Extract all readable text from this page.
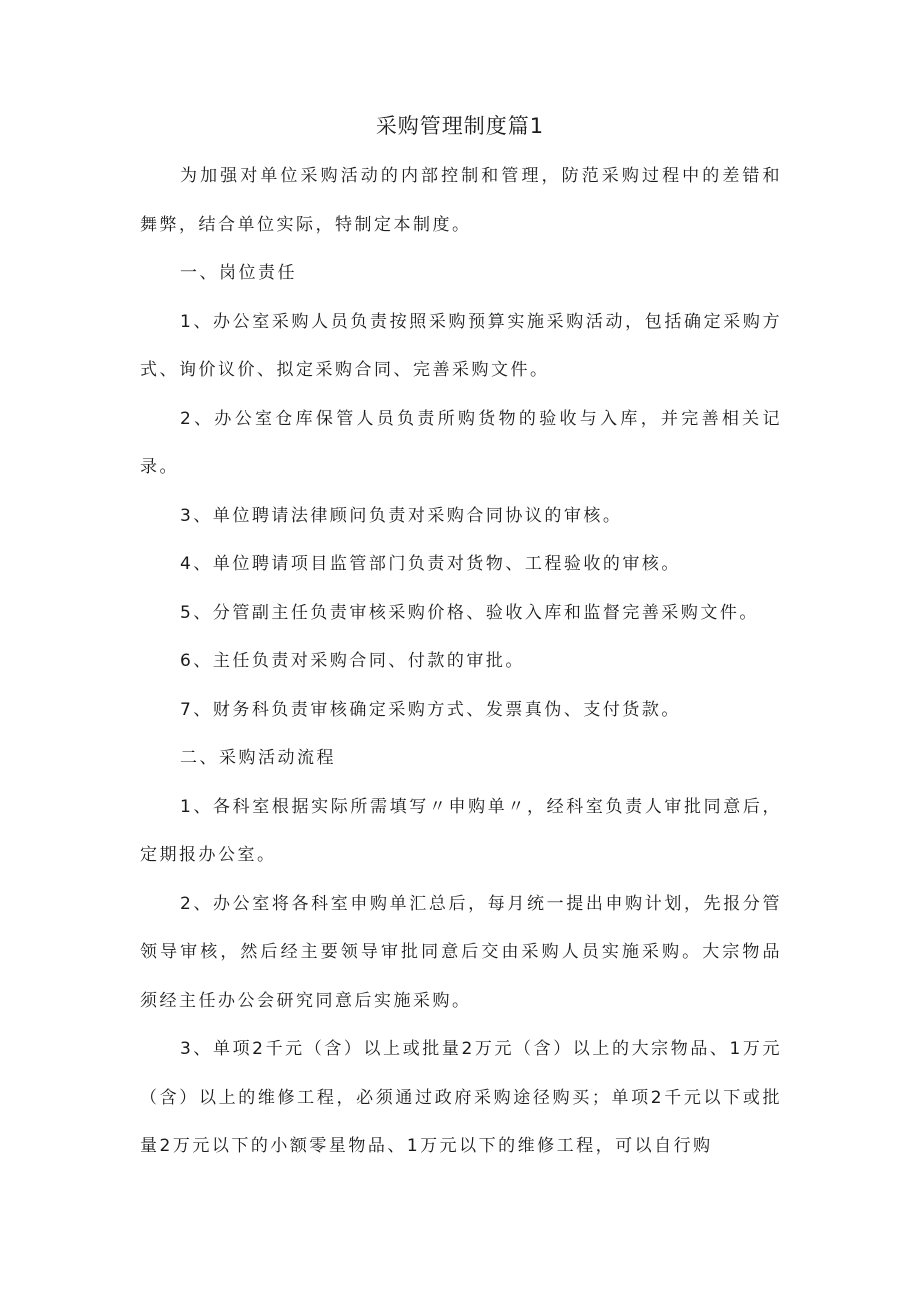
采购管理制度篇1

为加强对单位采购活动的内部控制和管理，防范采购过程中的差错和舞弊，结合单位实际，特制定本制度。

一、岗位责任

1、办公室采购人员负责按照采购预算实施采购活动，包括确定采购方式、询价议价、拟定采购合同、完善采购文件。

2、办公室仓库保管人员负责所购货物的验收与入库，并完善相关记录。

3、单位聘请法律顾问负责对采购合同协议的审核。

4、单位聘请项目监管部门负责对货物、工程验收的审核。

5、分管副主任负责审核采购价格、验收入库和监督完善采购文件。

6、主任负责对采购合同、付款的审批。

7、财务科负责审核确定采购方式、发票真伪、支付货款。

二、采购活动流程

1、各科室根据实际所需填写〃申购单〃，经科室负责人审批同意后，定期报办公室。

2、办公室将各科室申购单汇总后，每月统一提出申购计划，先报分管领导审核，然后经主要领导审批同意后交由采购人员实施采购。大宗物品须经主任办公会研究同意后实施采购。

3、单项2千元（含）以上或批量2万元（含）以上的大宗物品、1万元（含）以上的维修工程，必须通过政府采购途径购买；单项2千元以下或批量2万元以下的小额零星物品、1万元以下的维修工程，可以自行购
